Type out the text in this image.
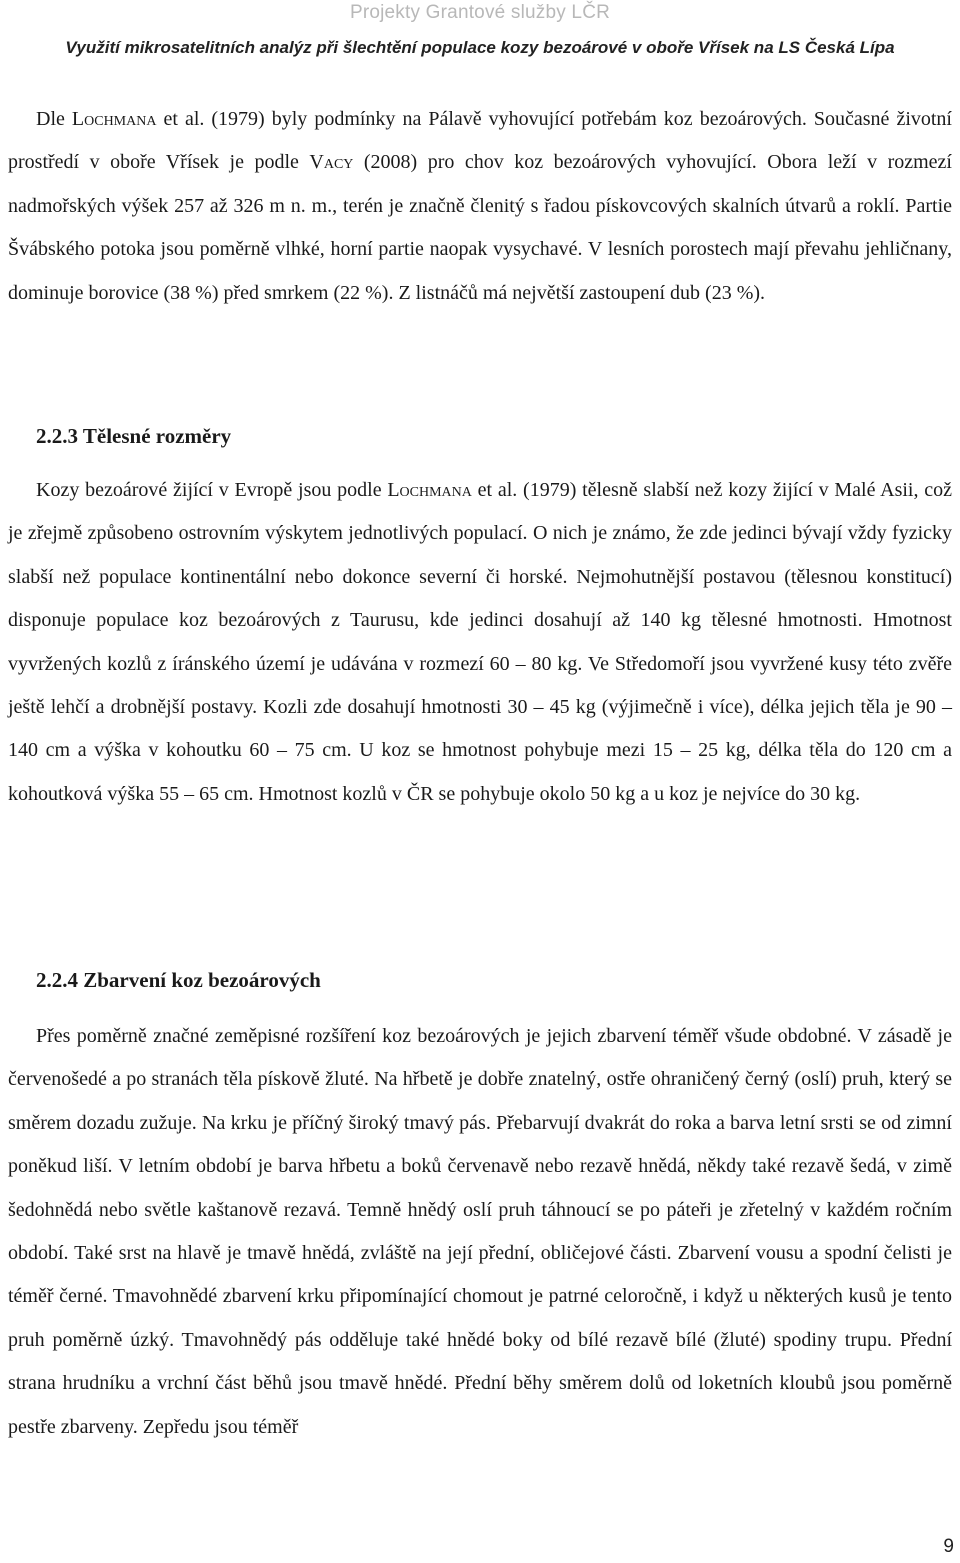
Projekty Grantové služby LČR
Využití mikrosatelitních analýz při šlechtění populace kozy bezoárové v oboře Vřísek na LS Česká Lípa

Dle Lochmana et al. (1979) byly podmínky na Pálavě vyhovující potřebám koz bezoárových. Současné životní prostředí v oboře Vřísek je podle Vacy (2008) pro chov koz bezoárových vyhovující. Obora leží v rozmezí nadmořských výšek 257 až 326 m n. m., terén je značně členitý s řadou pískovcových skalních útvarů a roklí. Partie Švábského potoka jsou poměrně vlhké, horní partie naopak vysychavé. V lesních porostech mají převahu jehličnany, dominuje borovice (38 %) před smrkem (22 %). Z listnáčů má největší zastoupení dub (23 %).

2.2.3 Tělesné rozměry

Kozy bezoárové žijící v Evropě jsou podle Lochmana et al. (1979) tělesně slabší než kozy žijící v Malé Asii, což je zřejmě způsobeno ostrovním výskytem jednotlivých populací. O nich je známo, že zde jedinci bývají vždy fyzicky slabší než populace kontinentální nebo dokonce severní či horské. Nejmohutnější postavou (tělesnou konstitucí) disponuje populace koz bezoárových z Taurusu, kde jedinci dosahují až 140 kg tělesné hmotnosti. Hmotnost vyvržených kozlů z íránského území je udávána v rozmezí 60 – 80 kg. Ve Středomoří jsou vyvržené kusy této zvěře ještě lehčí a drobnější postavy. Kozli zde dosahují hmotnosti 30 – 45 kg (výjimečně i více), délka jejich těla je 90 – 140 cm a výška v kohoutku 60 – 75 cm. U koz se hmotnost pohybuje mezi 15 – 25 kg, délka těla do 120 cm a kohoutková výška 55 – 65 cm. Hmotnost kozlů v ČR se pohybuje okolo 50 kg a u koz je nejvíce do 30 kg.

2.2.4 Zbarvení koz bezoárových

Přes poměrně značné zeměpisné rozšíření koz bezoárových je jejich zbarvení téměř všude obdobné. V zásadě je červenošedé a po stranách těla pískově žluté. Na hřbetě je dobře znatelný, ostře ohraničený černý (oslí) pruh, který se směrem dozadu zužuje. Na krku je příčný široký tmavý pás. Přebarvují dvakrát do roka a barva letní srsti se od zimní poněkud liší. V letním období je barva hřbetu a boků červenavě nebo rezavě hnědá, někdy také rezavě šedá, v zimě šedohnědá nebo světle kaštanově rezavá. Temně hnědý oslí pruh táhnoucí se po páteři je zřetelný v každém ročním období. Také srst na hlavě je tmavě hnědá, zvláště na její přední, obličejové části. Zbarvení vousu a spodní čelisti je téměř černé. Tmavohnědé zbarvení krku připomínající chomout je patrné celoročně, i když u některých kusů je tento pruh poměrně úzký. Tmavohnědý pás odděluje také hnědé boky od bílé rezavě bílé (žluté) spodiny trupu. Přední strana hrudníku a vrchní část běhů jsou tmavě hnědé. Přední běhy směrem dolů od loketních kloubů jsou poměrně pestře zbarveny. Zepředu jsou téměř

9
